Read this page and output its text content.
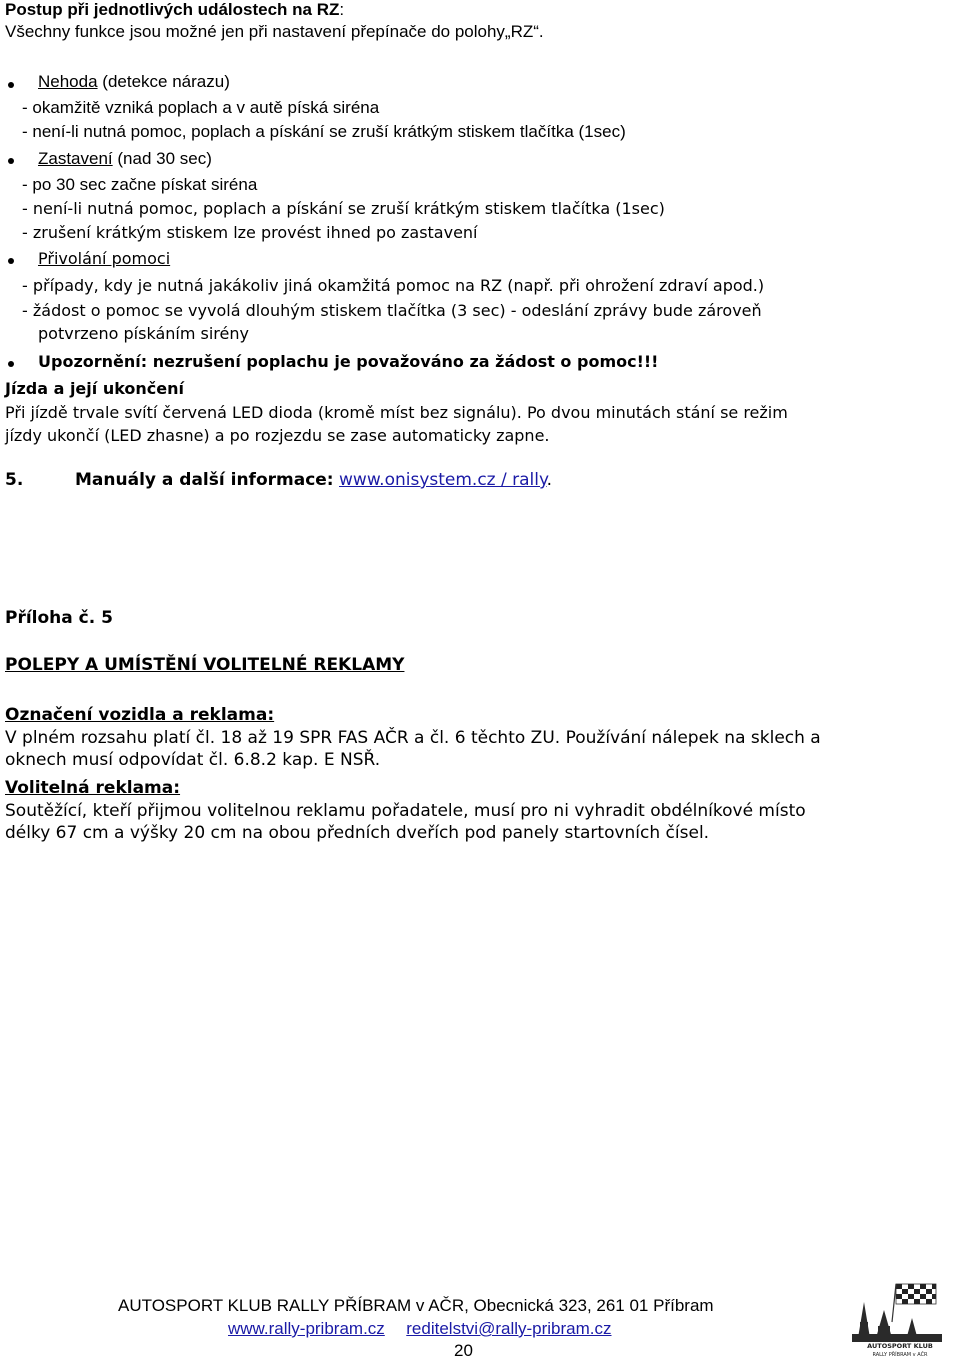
Postup při jednotlivých událostech na RZ:
Všechny funkce jsou možné jen při nastavení přepínače do polohy„RZ“.
Nehoda (detekce nárazu)
- okamžitě vzniká poplach a v autě píská siréna
- není-li nutná pomoc, poplach a pískání se zruší krátkým stiskem tlačítka (1sec)
Zastavení (nad 30 sec)
- po 30 sec začne pískat siréna
- není-li nutná pomoc, poplach a pískání se zruší krátkým stiskem tlačítka (1sec)
- zrušení krátkým stiskem lze provést ihned po zastavení
Přivolání pomoci
- případy, kdy je nutná jakákoliv jiná okamžitá pomoc na RZ (např. při ohrožení zdraví apod.)
- žádost o pomoc se vyvolá dlouhým stiskem tlačítka (3 sec) - odeslání zprávy bude zároveň
potvrzeno pískáním sirény
Upozornění: nezrušení poplachu je považováno za žádost o pomoc!!!
Jízda a její ukončení
Při jízdě trvale svítí červená LED dioda (kromě míst bez signálu). Po dvou minutách stání se režim
jízdy ukončí (LED zhasne) a po rozjezdu se zase automaticky zapne.
5.	Manuály a další informace: www.onisystem.cz / rally.
Příloha č. 5
POLEPY A UMÍSTĚNÍ VOLITELNÉ REKLAMY
Označení vozidla a reklama:
V plném rozsahu platí čl. 18 až 19 SPR FAS AČR a čl. 6 těchto ZU. Používání nálepek na sklech a
oknech musí odpovídat čl. 6.8.2 kap. E NSŘ.
Volitelná reklama:
Soutěžící, kteří přijmou volitelnou reklamu pořadatele, musí pro ni vyhradit obdélníkové místo
délky 67 cm a výšky 20 cm na obou předních dveřích pod panely startovních čísel.
AUTOSPORT KLUB RALLY PŘÍBRAM v AČR, Obecnická 323, 261 01 Příbram
www.rally-pribram.cz reditelstvi@rally-pribram.cz
20	AUTOSPORT KLUB
RALLY PŘÍBRAM v AČR
